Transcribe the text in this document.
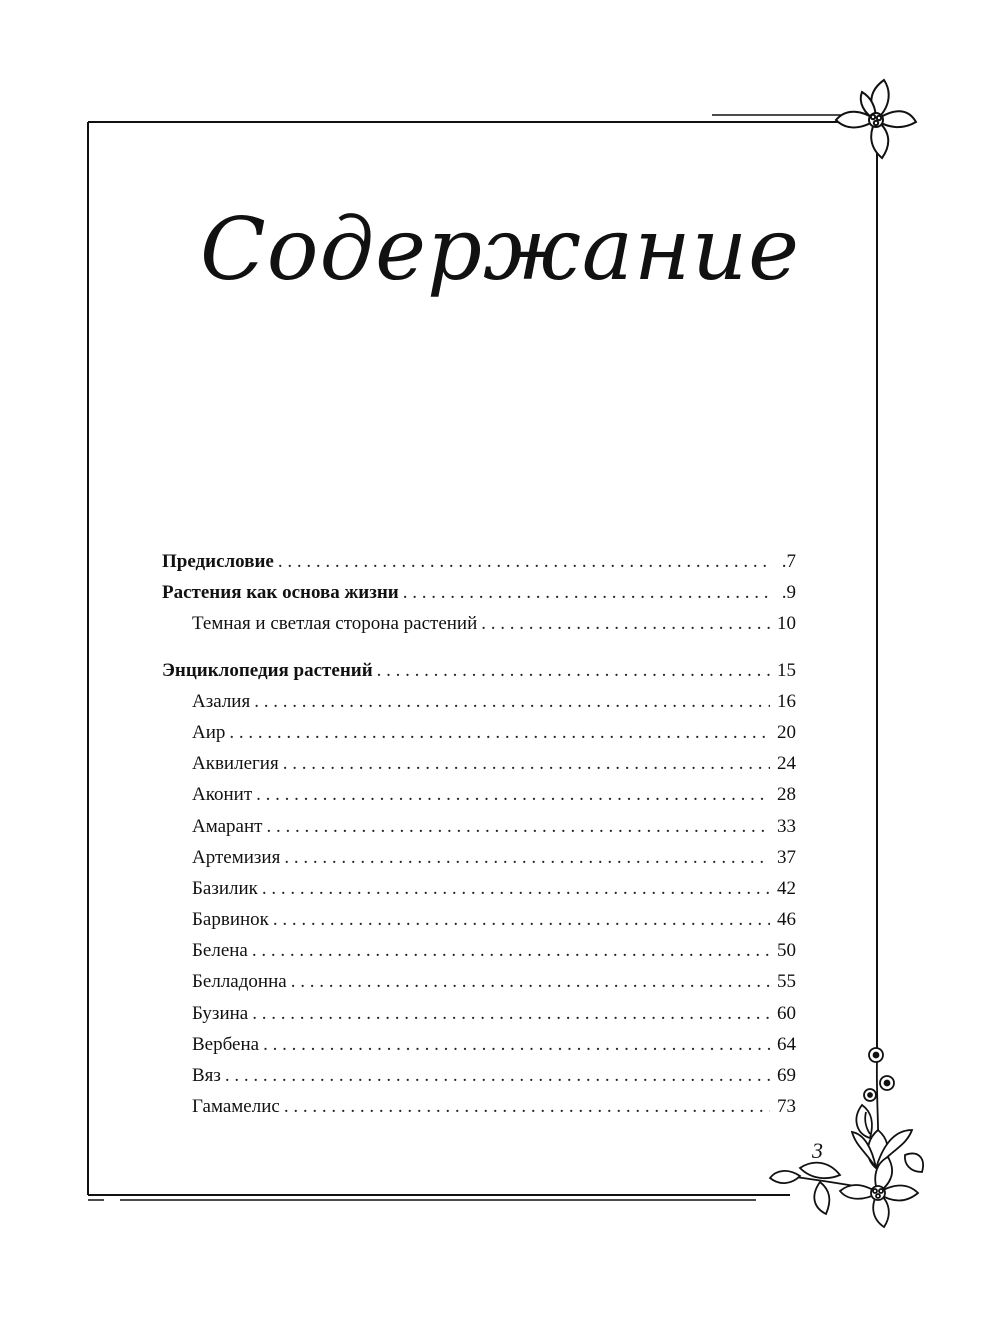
Содержание
Предисловие . . .	.7
Растения как основа жизни . . .	.9
Темная и светлая сторона растений . . .	10
Энциклопедия растений . . .	15
Азалия . . .	16
Аир . . .	20
Аквилегия . . .	24
Аконит . . .	28
Амарант . . .	33
Артемизия . . .	37
Базилик . . .	42
Барвинок . . .	46
Белена . . .	50
Белладонна . . .	55
Бузина . . .	60
Вербена . . .	64
Вяз . . .	69
Гамамелис . . .	73
3
